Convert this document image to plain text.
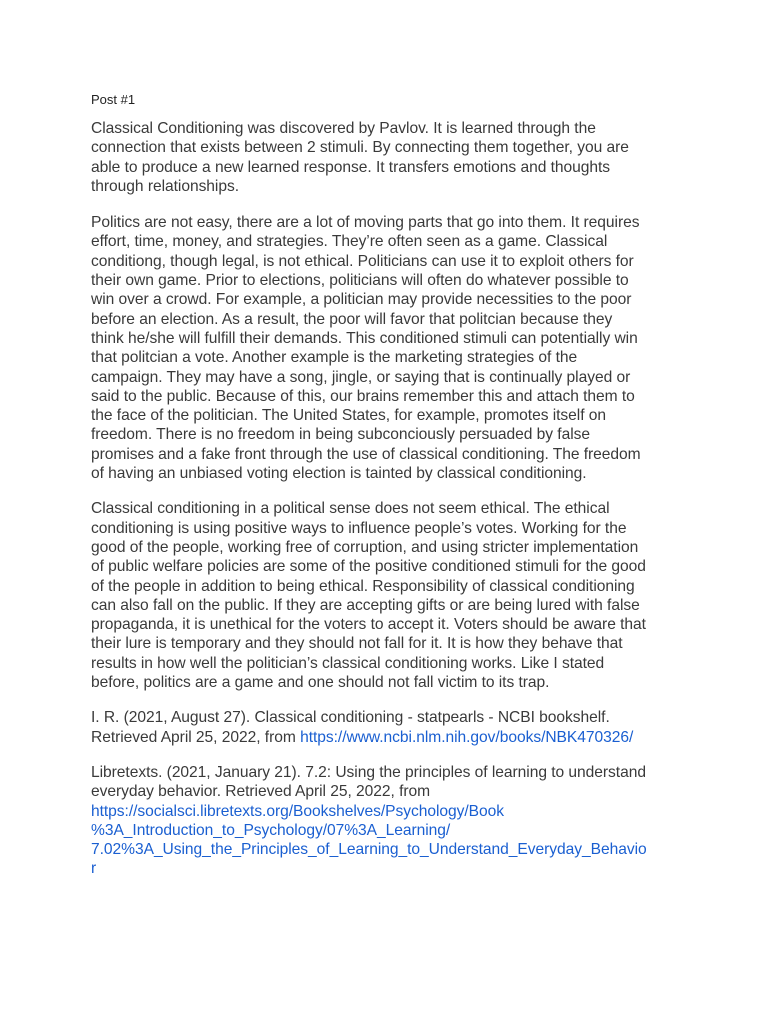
Post #1

Classical Conditioning was discovered by Pavlov. It is learned through the
connection that exists between 2 stimuli. By connecting them together, you are
able to produce a new learned response. It transfers emotions and thoughts
through relationships.

Politics are not easy, there are a lot of moving parts that go into them. It requires
effort, time, money, and strategies. They’re often seen as a game. Classical
conditiong, though legal, is not ethical. Politicians can use it to exploit others for
their own game. Prior to elections, politicians will often do whatever possible to
win over a crowd. For example, a politician may provide necessities to the poor
before an election. As a result, the poor will favor that politcian because they
think he/she will fulfill their demands. This conditioned stimuli can potentially win
that politcian a vote. Another example is the marketing strategies of the
campaign. They may have a song, jingle, or saying that is continually played or
said to the public. Because of this, our brains remember this and attach them to
the face of the politician. The United States, for example, promotes itself on
freedom. There is no freedom in being subconciously persuaded by false
promises and a fake front through the use of classical conditioning. The freedom
of having an unbiased voting election is tainted by classical conditioning.

Classical conditioning in a political sense does not seem ethical. The ethical
conditioning is using positive ways to influence people’s votes. Working for the
good of the people, working free of corruption, and using stricter implementation
of public welfare policies are some of the positive conditioned stimuli for the good
of the people in addition to being ethical. Responsibility of classical conditioning
can also fall on the public. If they are accepting gifts or are being lured with false
propaganda, it is unethical for the voters to accept it. Voters should be aware that
their lure is temporary and they should not fall for it. It is how they behave that
results in how well the politician’s classical conditioning works. Like I stated
before, politics are a game and one should not fall victim to its trap.

I. R. (2021, August 27). Classical conditioning - statpearls - NCBI bookshelf.
Retrieved April 25, 2022, from https://www.ncbi.nlm.nih.gov/books/NBK470326/

Libretexts. (2021, January 21). 7.2: Using the principles of learning to understand
everyday behavior. Retrieved April 25, 2022, from
https://socialsci.libretexts.org/Bookshelves/Psychology/Book
%3A_Introduction_to_Psychology/07%3A_Learning/
7.02%3A_Using_the_Principles_of_Learning_to_Understand_Everyday_Behavio
r
